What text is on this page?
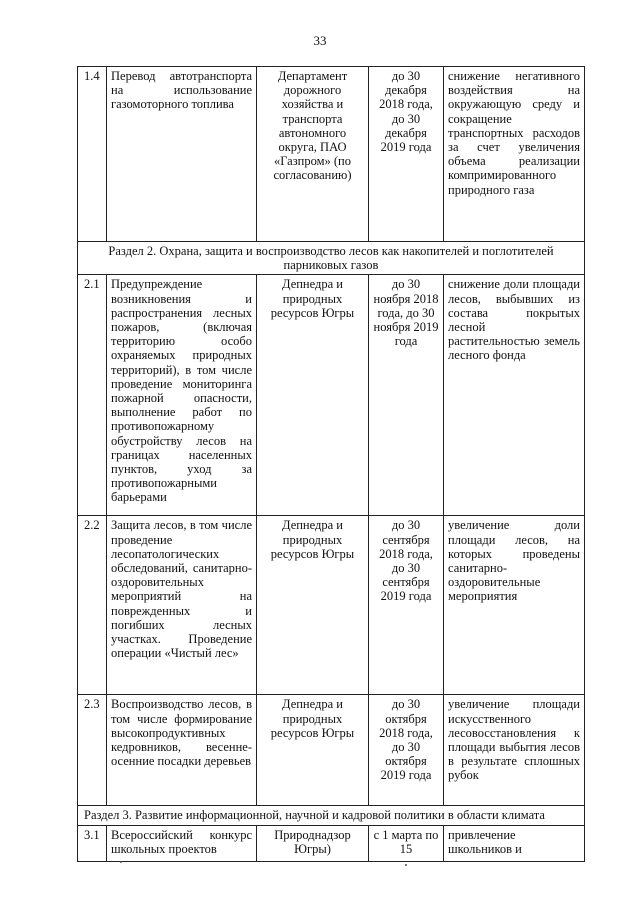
33
1.4	Перевод автотранспорта на использование газомоторного топлива	Департамент дорожного хозяйства и транспорта автономного округа, ПАО «Газпром» (по согласованию)	до 30 декабря 2018 года, до 30 декабря 2019 года	снижение негативного воздействия на окружающую среду и сокращение транспортных расходов за счет увеличения объема реализации компримированного природного газа
Раздел 2. Охрана, защита и воспроизводство лесов как накопителей и поглотителей парниковых газов				
2.1	Предупреждение возникновения и распространения лесных пожаров, (включая территорию особо охраняемых природных территорий), в том числе проведение мониторинга пожарной опасности, выполнение работ по противопожарному обустройству лесов на границах населенных пунктов, уход за противопожарными барьерами	Депнедра и природных ресурсов Югры	до 30 ноября 2018 года, до 30 ноября 2019 года	снижение доли площади лесов, выбывших из состава покрытых лесной растительностью земель лесного фонда
2.2	Защита лесов, в том числе проведение лесопатологических обследований, санитарно-оздоровительных мероприятий на поврежденных и погибших лесных участках. Проведение операции «Чистый лес»	Депнедра и природных ресурсов Югры	до 30 сентября 2018 года, до 30 сентября 2019 года	увеличение доли площади лесов, на которых проведены санитарно-оздоровительные мероприятия
2.3	Воспроизводство лесов, в том числе формирование высокопродуктивных кедровников, весенне-осенние посадки деревьев	Депнедра и природных ресурсов Югры	до 30 октября 2018 года, до 30 октября 2019 года	увеличение площади искусственного лесовосстановления к площади выбытия лесов в результате сплошных рубок
Раздел 3. Развитие информационной, научной и кадровой политики в области климата				
3.1	Всероссийский конкурс школьных проектов	Природнадзор Югры)	с 1 марта по 15	привлечение школьников и
